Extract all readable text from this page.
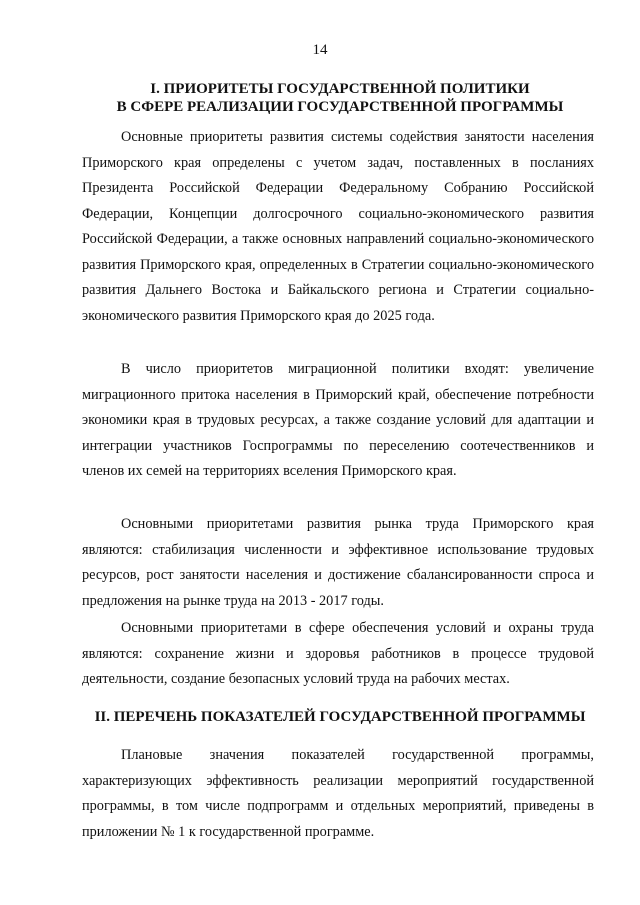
14
I. ПРИОРИТЕТЫ ГОСУДАРСТВЕННОЙ ПОЛИТИКИ
В СФЕРЕ РЕАЛИЗАЦИИ ГОСУДАРСТВЕННОЙ ПРОГРАММЫ

Основные приоритеты развития системы содействия занятости населения Приморского края определены с учетом задач, поставленных в посланиях Президента Российской Федерации Федеральному Собранию Российской Федерации, Концепции долгосрочного социально-экономического развития Российской Федерации, а также основных направлений социально-экономического развития Приморского края, определенных в Стратегии социально-экономического развития Дальнего Востока и Байкальского региона и Стратегии социально-экономического развития Приморского края до 2025 года.

В число приоритетов миграционной политики входят: увеличение миграционного притока населения в Приморский край, обеспечение потребности экономики края в трудовых ресурсах, а также создание условий для адаптации и интеграции участников Госпрограммы по переселению соотечественников и членов их семей на территориях вселения Приморского края.

Основными приоритетами развития рынка труда Приморского края являются: стабилизация численности и эффективное использование трудовых ресурсов, рост занятости населения и достижение сбалансированности спроса и предложения на рынке труда на 2013 - 2017 годы.

Основными приоритетами в сфере обеспечения условий и охраны труда являются: сохранение жизни и здоровья работников в процессе трудовой деятельности, создание безопасных условий труда на рабочих местах.

II. ПЕРЕЧЕНЬ ПОКАЗАТЕЛЕЙ ГОСУДАРСТВЕННОЙ ПРОГРАММЫ

Плановые значения показателей государственной программы, характеризующих эффективность реализации мероприятий государственной программы, в том числе подпрограмм и отдельных мероприятий, приведены в приложении № 1 к государственной программе.
